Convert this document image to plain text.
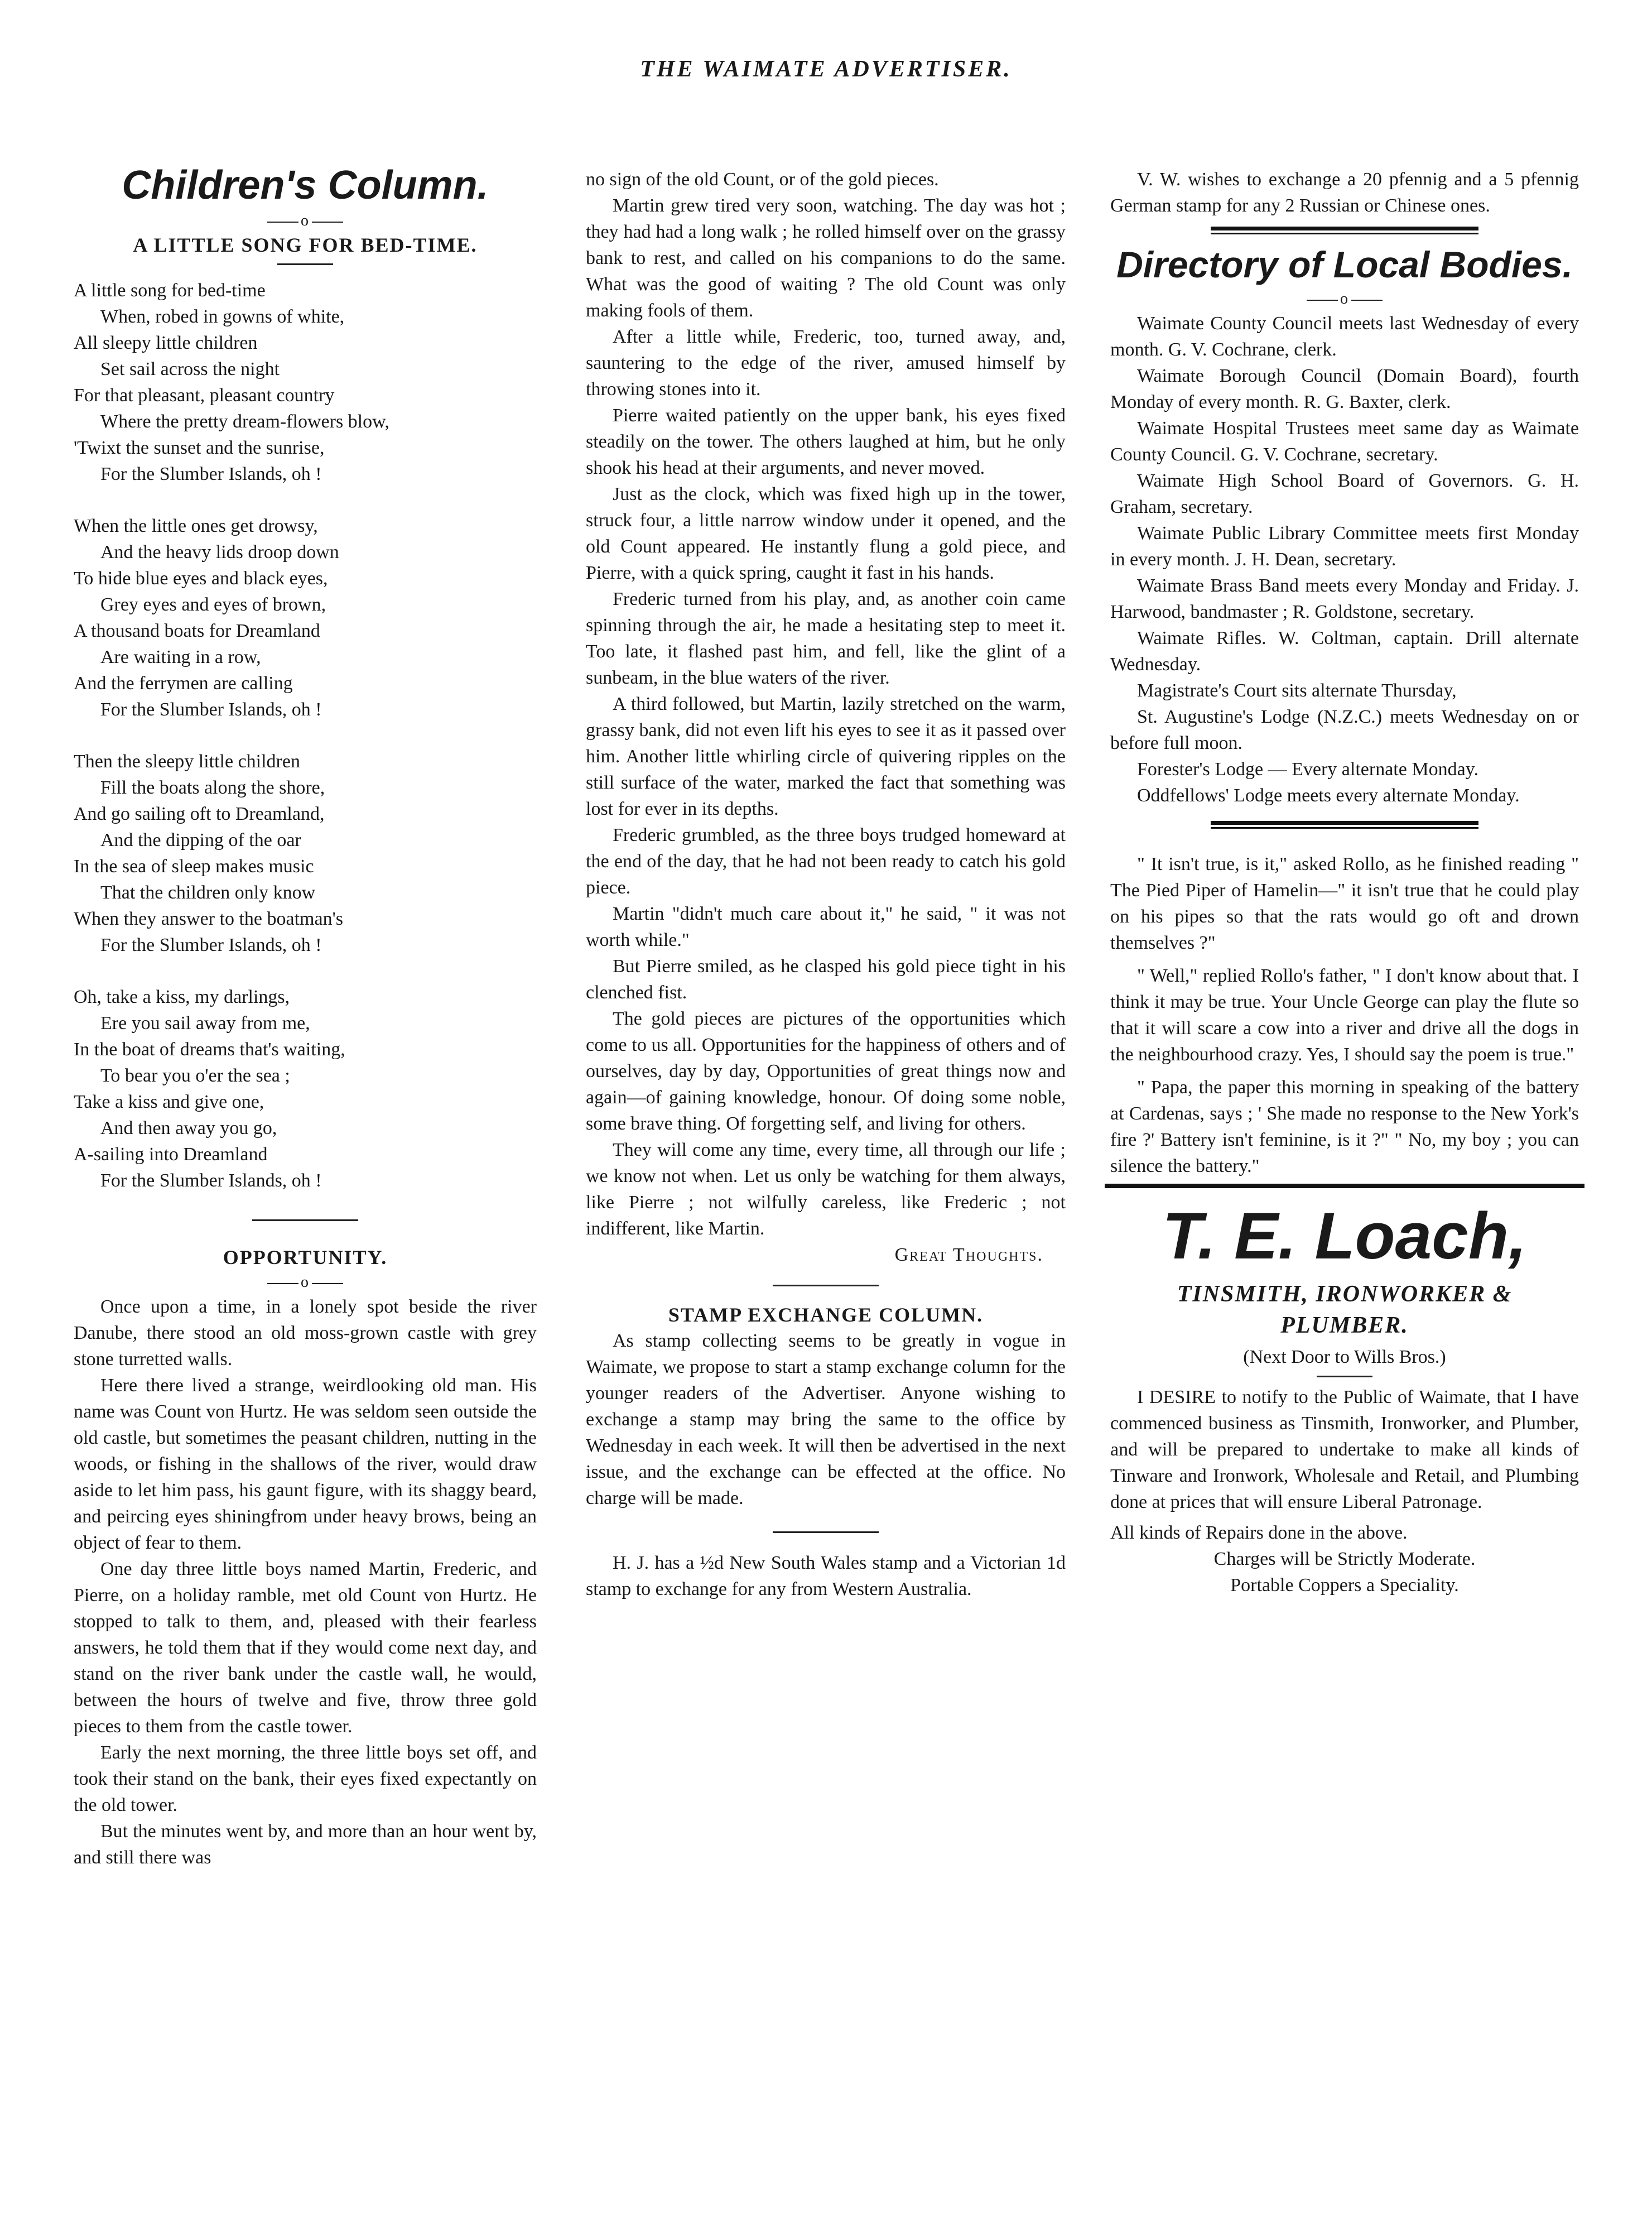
THE WAIMATE ADVERTISER.
Children's Column.
o
A LITTLE SONG FOR BED-TIME.
A little song for bed-time
When, robed in gowns of white,
All sleepy little children
Set sail across the night
For that pleasant, pleasant country
Where the pretty dream-flowers blow,
'Twixt the sunset and the sunrise,
For the Slumber Islands, oh !
When the little ones get drowsy,
And the heavy lids droop down
To hide blue eyes and black eyes,
Grey eyes and eyes of brown,
A thousand boats for Dreamland
Are waiting in a row,
And the ferrymen are calling
For the Slumber Islands, oh !
Then the sleepy little children
Fill the boats along the shore,
And go sailing oft to Dreamland,
And the dipping of the oar
In the sea of sleep makes music
That the children only know
When they answer to the boatman's
For the Slumber Islands, oh !
Oh, take a kiss, my darlings,
Ere you sail away from me,
In the boat of dreams that's waiting,
To bear you o'er the sea ;
Take a kiss and give one,
And then away you go,
A-sailing into Dreamland
For the Slumber Islands, oh !
OPPORTUNITY.
o
Once upon a time, in a lonely spot beside the river Danube, there stood an old moss-grown castle with grey stone turretted walls.
Here there lived a strange, weirdlooking old man. His name was Count von Hurtz. He was seldom seen outside the old castle, but sometimes the peasant children, nutting in the woods, or fishing in the shallows of the river, would draw aside to let him pass, his gaunt figure, with its shaggy beard, and peircing eyes shiningfrom under heavy brows, being an object of fear to them.
One day three little boys named Martin, Frederic, and Pierre, on a holiday ramble, met old Count von Hurtz. He stopped to talk to them, and, pleased with their fearless answers, he told them that if they would come next day, and stand on the river bank under the castle wall, he would, between the hours of twelve and five, throw three gold pieces to them from the castle tower.
Early the next morning, the three little boys set off, and took their stand on the bank, their eyes fixed expectantly on the old tower.
But the minutes went by, and more than an hour went by, and still there was
no sign of the old Count, or of the gold pieces.
Martin grew tired very soon, watching. The day was hot ; they had had a long walk ; he rolled himself over on the grassy bank to rest, and called on his companions to do the same. What was the good of waiting ? The old Count was only making fools of them.
After a little while, Frederic, too, turned away, and, sauntering to the edge of the river, amused himself by throwing stones into it.
Pierre waited patiently on the upper bank, his eyes fixed steadily on the tower. The others laughed at him, but he only shook his head at their arguments, and never moved.
Just as the clock, which was fixed high up in the tower, struck four, a little narrow window under it opened, and the old Count appeared. He instantly flung a gold piece, and Pierre, with a quick spring, caught it fast in his hands.
Frederic turned from his play, and, as another coin came spinning through the air, he made a hesitating step to meet it. Too late, it flashed past him, and fell, like the glint of a sunbeam, in the blue waters of the river.
A third followed, but Martin, lazily stretched on the warm, grassy bank, did not even lift his eyes to see it as it passed over him. Another little whirling circle of quivering ripples on the still surface of the water, marked the fact that something was lost for ever in its depths.
Frederic grumbled, as the three boys trudged homeward at the end of the day, that he had not been ready to catch his gold piece.
Martin "didn't much care about it," he said, " it was not worth while."
But Pierre smiled, as he clasped his gold piece tight in his clenched fist.
The gold pieces are pictures of the opportunities which come to us all. Opportunities for the happiness of others and of ourselves, day by day, Opportunities of great things now and again—of gaining knowledge, honour. Of doing some noble, some brave thing. Of forgetting self, and living for others.
They will come any time, every time, all through our life ; we know not when. Let us only be watching for them always, like Pierre ; not wilfully careless, like Frederic ; not indifferent, like Martin.
Great Thoughts.
STAMP EXCHANGE COLUMN.
As stamp collecting seems to be greatly in vogue in Waimate, we propose to start a stamp exchange column for the younger readers of the Advertiser. Anyone wishing to exchange a stamp may bring the same to the office by Wednesday in each week. It will then be advertised in the next issue, and the exchange can be effected at the office. No charge will be made.
H. J. has a ½d New South Wales stamp and a Victorian 1d stamp to exchange for any from Western Australia.
V. W. wishes to exchange a 20 pfennig and a 5 pfennig German stamp for any 2 Russian or Chinese ones.
Directory of Local Bodies.
o
Waimate County Council meets last Wednesday of every month. G. V. Cochrane, clerk.
Waimate Borough Council (Domain Board), fourth Monday of every month. R. G. Baxter, clerk.
Waimate Hospital Trustees meet same day as Waimate County Council. G. V. Cochrane, secretary.
Waimate High School Board of Governors. G. H. Graham, secretary.
Waimate Public Library Committee meets first Monday in every month. J. H. Dean, secretary.
Waimate Brass Band meets every Monday and Friday. J. Harwood, bandmaster ; R. Goldstone, secretary.
Waimate Rifles. W. Coltman, captain. Drill alternate Wednesday.
Magistrate's Court sits alternate Thursday,
St. Augustine's Lodge (N.Z.C.) meets Wednesday on or before full moon.
Forester's Lodge — Every alternate Monday.
Oddfellows' Lodge meets every alternate Monday.
" It isn't true, is it," asked Rollo, as he finished reading " The Pied Piper of Hamelin—" it isn't true that he could play on his pipes so that the rats would go oft and drown themselves ?"
" Well," replied Rollo's father, " I don't know about that. I think it may be true. Your Uncle George can play the flute so that it will scare a cow into a river and drive all the dogs in the neighbourhood crazy. Yes, I should say the poem is true."
" Papa, the paper this morning in speaking of the battery at Cardenas, says ; ' She made no response to the New York's fire ?' Battery isn't feminine, is it ?" " No, my boy ; you can silence the battery."
T. E. Loach,
TINSMITH, IRONWORKER & PLUMBER.
(Next Door to Wills Bros.)
I DESIRE to notify to the Public of Waimate, that I have commenced business as Tinsmith, Ironworker, and Plumber, and will be prepared to undertake to make all kinds of Tinware and Ironwork, Wholesale and Retail, and Plumbing done at prices that will ensure Liberal Patronage.
All kinds of Repairs done in the above.
Charges will be Strictly Moderate.
Portable Coppers a Speciality.
